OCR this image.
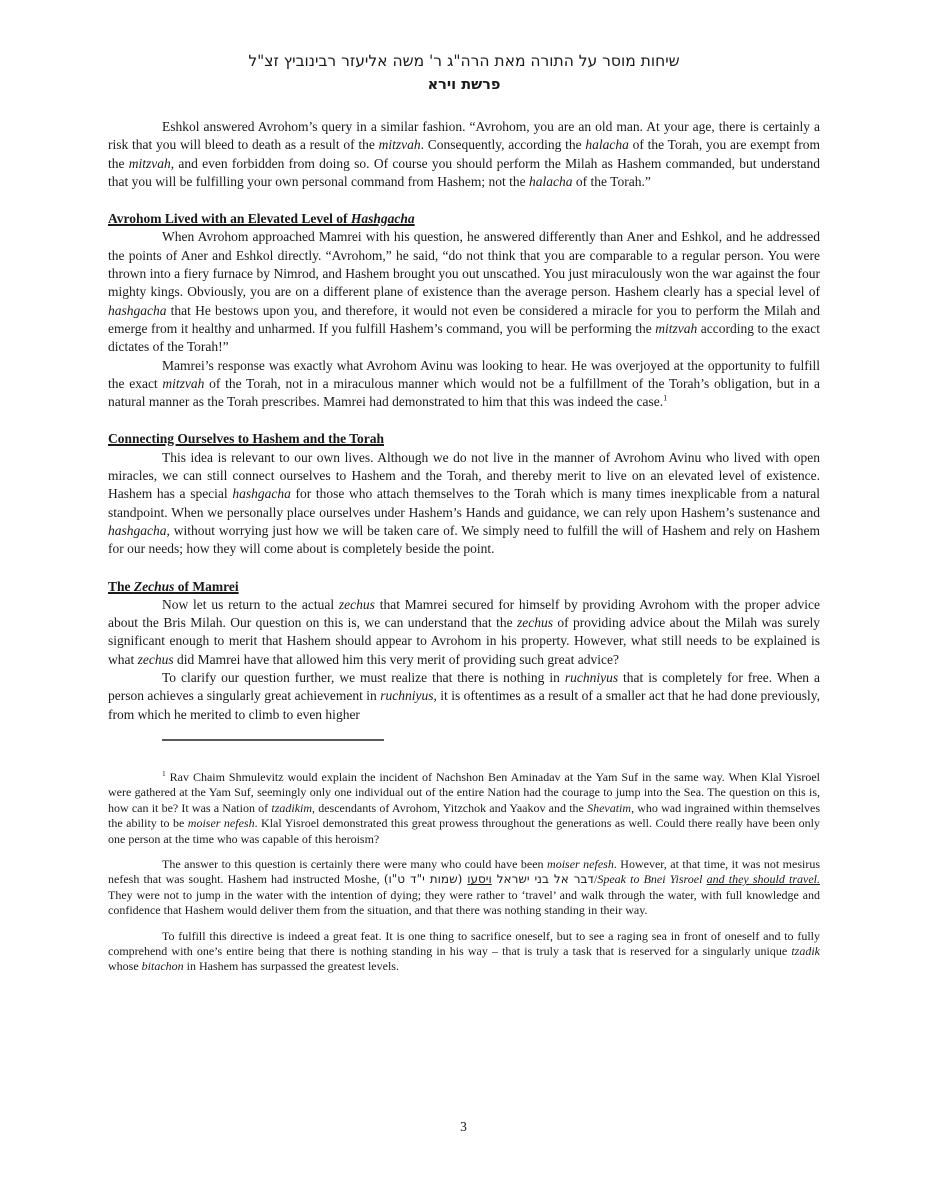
שיחות מוסר על התורה מאת הרה"ג ר' משה אליעזר רבינוביץ זצ"ל
פרשת וירא

Eshkol answered Avrohom’s query in a similar fashion. “Avrohom, you are an old man. At your age, there is certainly a risk that you will bleed to death as a result of the mitzvah. Consequently, according the halacha of the Torah, you are exempt from the mitzvah, and even forbidden from doing so. Of course you should perform the Milah as Hashem commanded, but understand that you will be fulfilling your own personal command from Hashem; not the halacha of the Torah.”

Avrohom Lived with an Elevated Level of Hashgacha

When Avrohom approached Mamrei with his question, he answered differently than Aner and Eshkol, and he addressed the points of Aner and Eshkol directly. “Avrohom,” he said, “do not think that you are comparable to a regular person. You were thrown into a fiery furnace by Nimrod, and Hashem brought you out unscathed. You just miraculously won the war against the four mighty kings. Obviously, you are on a different plane of existence than the average person. Hashem clearly has a special level of hashgacha that He bestows upon you, and therefore, it would not even be considered a miracle for you to perform the Milah and emerge from it healthy and unharmed. If you fulfill Hashem’s command, you will be performing the mitzvah according to the exact dictates of the Torah!”

Mamrei’s response was exactly what Avrohom Avinu was looking to hear. He was overjoyed at the opportunity to fulfill the exact mitzvah of the Torah, not in a miraculous manner which would not be a fulfillment of the Torah’s obligation, but in a natural manner as the Torah prescribes. Mamrei had demonstrated to him that this was indeed the case.$^1$

Connecting Ourselves to Hashem and the Torah

This idea is relevant to our own lives. Although we do not live in the manner of Avrohom Avinu who lived with open miracles, we can still connect ourselves to Hashem and the Torah, and thereby merit to live on an elevated level of existence. Hashem has a special hashgacha for those who attach themselves to the Torah which is many times inexplicable from a natural standpoint. When we personally place ourselves under Hashem’s Hands and guidance, we can rely upon Hashem’s sustenance and hashgacha, without worrying just how we will be taken care of. We simply need to fulfill the will of Hashem and rely on Hashem for our needs; how they will come about is completely beside the point.

The Zechus of Mamrei

Now let us return to the actual zechus that Mamrei secured for himself by providing Avrohom with the proper advice about the Bris Milah. Our question on this is, we can understand that the zechus of providing advice about the Milah was surely significant enough to merit that Hashem should appear to Avrohom in his property. However, what still needs to be explained is what zechus did Mamrei have that allowed him this very merit of providing such great advice?

To clarify our question further, we must realize that there is nothing in ruchniyus that is completely for free. When a person achieves a singularly great achievement in ruchniyus, it is oftentimes as a result of a smaller act that he had done previously, from which he merited to climb to even higher

$^1$ Rav Chaim Shmulevitz would explain the incident of Nachshon Ben Aminadav at the Yam Suf in the same way. When Klal Yisroel were gathered at the Yam Suf, seemingly only one individual out of the entire Nation had the courage to jump into the Sea. The question on this is, how can it be? It was a Nation of tzadikim, descendants of Avrohom, Yitzchok and Yaakov and the Shevatim, who wad ingrained within themselves the ability to be moiser nefesh. Klal Yisroel demonstrated this great prowess throughout the generations as well. Could there really have been only one person at the time who was capable of this heroism?

The answer to this question is certainly there were many who could have been moiser nefesh. However, at that time, it was not mesirus nefesh that was sought. Hashem had instructed Moshe,	דבר אל בני ישראל ויסעו (שמות י"ד ט"ו)	/Speak to Bnei Yisroel and they should travel. They were not to jump in the water with the intention of dying; they were rather to ‘travel’ and walk through the water, with full knowledge and confidence that Hashem would deliver them from the situation, and that there was nothing standing in their way.

To fulfill this directive is indeed a great feat. It is one thing to sacrifice oneself, but to see a raging sea in front of oneself and to fully comprehend with one’s entire being that there is nothing standing in his way – that is truly a task that is reserved for a singularly unique tzadik whose bitachon in Hashem has surpassed the greatest levels.

3
